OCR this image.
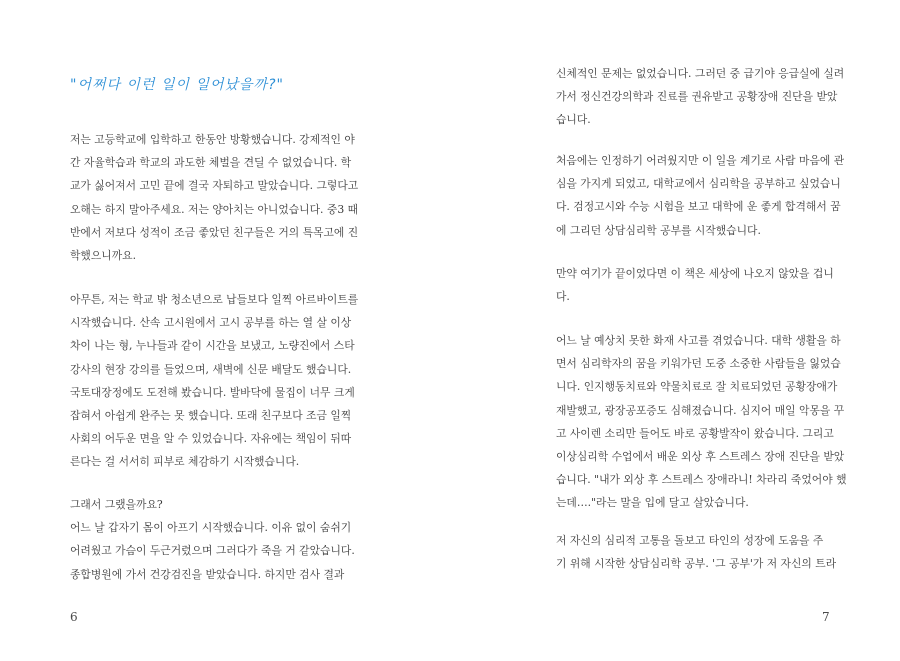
"어쩌다 이런 일이 일어났을까?"
저는 고등학교에 입학하고 한동안 방황했습니다. 강제적인 야
간 자율학습과 학교의 과도한 체벌을 견딜 수 없었습니다. 학
교가 싫어져서 고민 끝에 결국 자퇴하고 말았습니다. 그렇다고
오해는 하지 말아주세요. 저는 양아치는 아니었습니다. 중3 때
반에서 저보다 성적이 조금 좋았던 친구들은 거의 특목고에 진
학했으니까요.
아무튼, 저는 학교 밖 청소년으로 납들보다 일찍 아르바이트를
시작했습니다. 산속 고시원에서 고시 공부를 하는 열 살 이상
차이 나는 형, 누나들과 같이 시간을 보냈고, 노량진에서 스타
강사의 현장 강의를 들었으며, 새벽에 신문 배달도 했습니다.
국토대장정에도 도전해 봤습니다. 발바닥에 물집이 너무 크게
잡혀서 아쉽게 완주는 못 했습니다. 또래 친구보다 조금 일찍
사회의 어두운 면을 알 수 있었습니다. 자유에는 책임이 뒤따
른다는 걸 서서히 피부로 체감하기 시작했습니다.
그래서 그랬을까요?
어느 날 갑자기 몸이 아프기 시작했습니다. 이유 없이 숨쉬기
어려웠고 가슴이 두근거렸으며 그러다가 죽을 거 같았습니다.
종합병원에 가서 건강검진을 받았습니다. 하지만 검사 결과
6
신체적인 문제는 없었습니다. 그러던 중 급기야 응급실에 실려
가서 정신건강의학과 진료를 권유받고 공황장애 진단을 받았
습니다.
처음에는 인정하기 어려웠지만 이 일을 계기로 사람 마음에 관
심을 가지게 되었고, 대학교에서 심리학을 공부하고 싶었습니
다. 검정고시와 수능 시험을 보고 대학에 운 좋게 합격해서 꿈
에 그리던 상담심리학 공부를 시작했습니다.
만약 여기가 끝이었다면 이 책은 세상에 나오지 않았을 겁니
다.
어느 날 예상치 못한 화재 사고를 겪었습니다. 대학 생활을 하
면서 심리학자의 꿈을 키워가던 도중 소중한 사람들을 잃었습
니다. 인지행동치료와 약물치료로 잘 치료되었던 공황장애가
재발했고, 광장공포증도 심해졌습니다. 심지어 매일 악몽을 꾸
고 사이렌 소리만 들어도 바로 공황발작이 왔습니다. 그리고
이상심리학 수업에서 배운 외상 후 스트레스 장애 진단을 받았
습니다. "내가 외상 후 스트레스 장애라니! 차라리 죽었어야 했
는데…."라는 말을 입에 달고 살았습니다.
저 자신의 심리적 고통을 돌보고 타인의 성장에 도움을 주
기 위해 시작한 상담심리학 공부. '그 공부'가 저 자신의 트라
7
